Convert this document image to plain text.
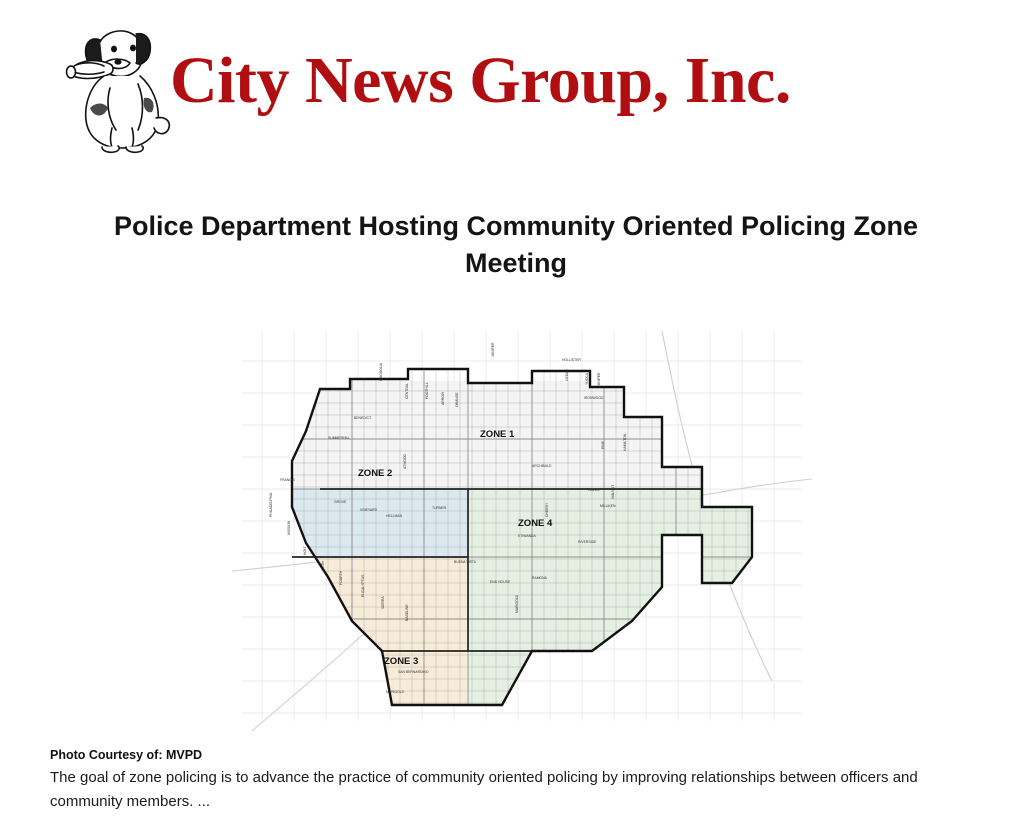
City News Group, Inc.
Police Department Hosting Community Oriented Policing Zone Meeting
ZONE 1
ZONE 2
ZONE 3
ZONE 4
JUNIPER
HOLLISTER
CEDAR
IRONWOOD
YUCCA JUNIPER
MAGNOLIA
CENTRAL	FOOTHILL	ARROW	ORANGE
SUMMERHILL
BENEDICT
ATWOOD
PINE	HAMILTON
HAVEN
MILLIKEN
WALNUT
ARCHIBALD
ETIWANDA
RIVERSIDE
RAMONA
CHERRY
END HOUSE
MARIGOLD
SAN BERNARDINO
MARIGOLD
BASELINE
SIERRA
EUCALYPTUS
FOURTH
SIXTH
HOLT
MISSION
PHILADELPHIA
FRANCIS
GROVE
VINEYARD
HELLMAN
TURNER
BUENA VISTA
Photo Courtesy of: MVPD
The goal of zone policing is to advance the practice of community oriented policing by improving relationships between officers and community members. ...
